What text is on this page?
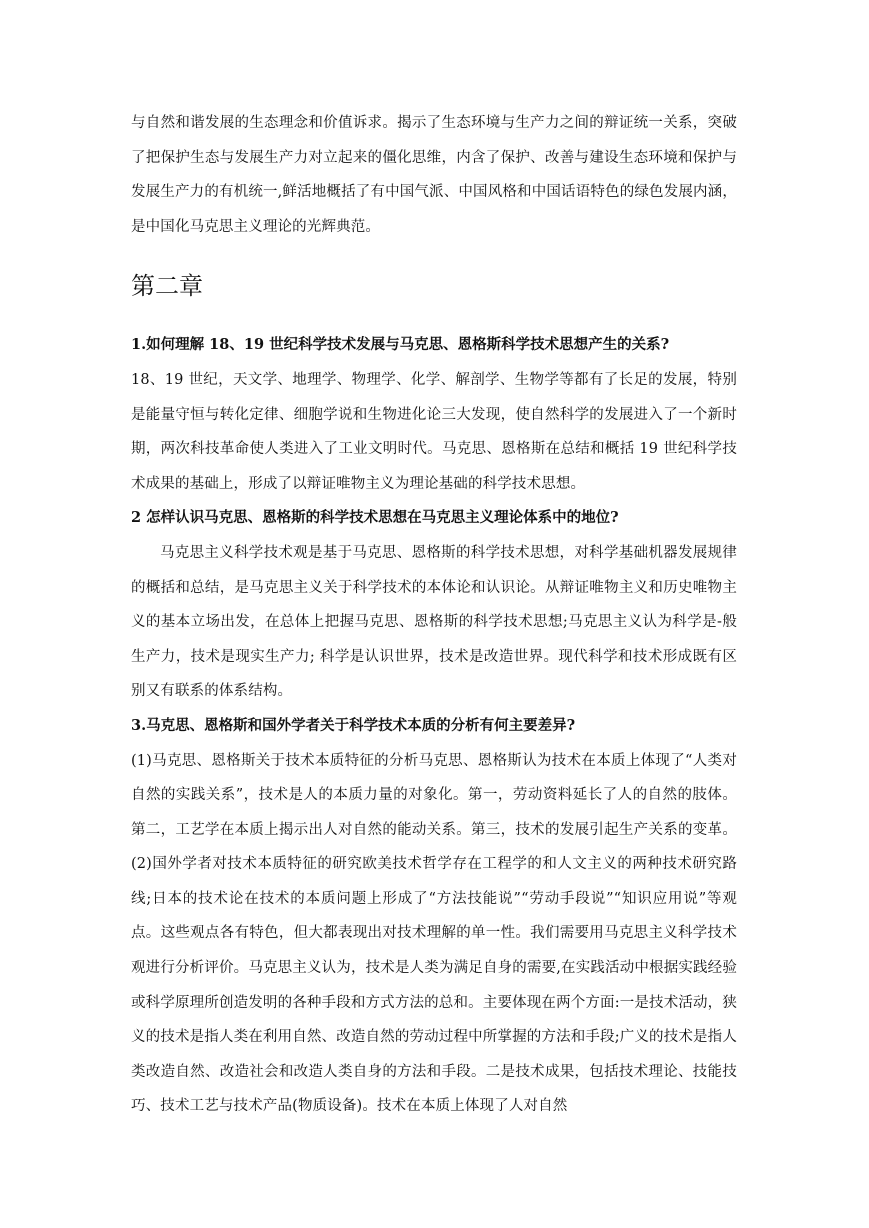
与自然和谐发展的生态理念和价值诉求。揭示了生态环境与生产力之间的辩证统一关系，突破了把保护生态与发展生产力对立起来的僵化思维，内含了保护、改善与建设生态环境和保护与发展生产力的有机统一,鲜活地概括了有中国气派、中国风格和中国话语特色的绿色发展内涵，是中国化马克思主义理论的光辉典范。

第二章

1.如何理解 18、19 世纪科学技术发展与马克思、恩格斯科学技术思想产生的关系?

18、19 世纪，天文学、地理学、物理学、化学、解剖学、生物学等都有了长足的发展，特别是能量守恒与转化定律、细胞学说和生物进化论三大发现，使自然科学的发展进入了一个新时期，两次科技革命使人类进入了工业文明时代。马克思、恩格斯在总结和概括 19 世纪科学技术成果的基础上，形成了以辩证唯物主义为理论基础的科学技术思想。

2 怎样认识马克思、恩格斯的科学技术思想在马克思主义理论体系中的地位?

马克思主义科学技术观是基于马克思、恩格斯的科学技术思想，对科学基础机器发展规律的概括和总结，是马克思主义关于科学技术的本体论和认识论。从辩证唯物主义和历史唯物主义的基本立场出发，在总体上把握马克思、恩格斯的科学技术思想;马克思主义认为科学是-般生产力，技术是现实生产力; 科学是认识世界，技术是改造世界。现代科学和技术形成既有区别又有联系的体系结构。

3.马克思、恩格斯和国外学者关于科学技术本质的分析有何主要差异?

(1)马克思、恩格斯关于技术本质特征的分析马克思、恩格斯认为技术在本质上体现了“人类对自然的实践关系”，技术是人的本质力量的对象化。第一，劳动资料延长了人的自然的肢体。第二，工艺学在本质上揭示出人对自然的能动关系。第三，技术的发展引起生产关系的变革。(2)国外学者对技术本质特征的研究欧美技术哲学存在工程学的和人文主义的两种技术研究路线;日本的技术论在技术的本质问题上形成了“方法技能说”“劳动手段说”“知识应用说”等观点。这些观点各有特色，但大都表现出对技术理解的单一性。我们需要用马克思主义科学技术观进行分析评价。马克思主义认为，技术是人类为满足自身的需要,在实践活动中根据实践经验或科学原理所创造发明的各种手段和方式方法的总和。主要体现在两个方面:一是技术活动，狭义的技术是指人类在利用自然、改造自然的劳动过程中所掌握的方法和手段;广义的技术是指人类改造自然、改造社会和改造人类自身的方法和手段。二是技术成果，包括技术理论、技能技巧、技术工艺与技术产品(物质设备)。技术在本质上体现了人对自然
